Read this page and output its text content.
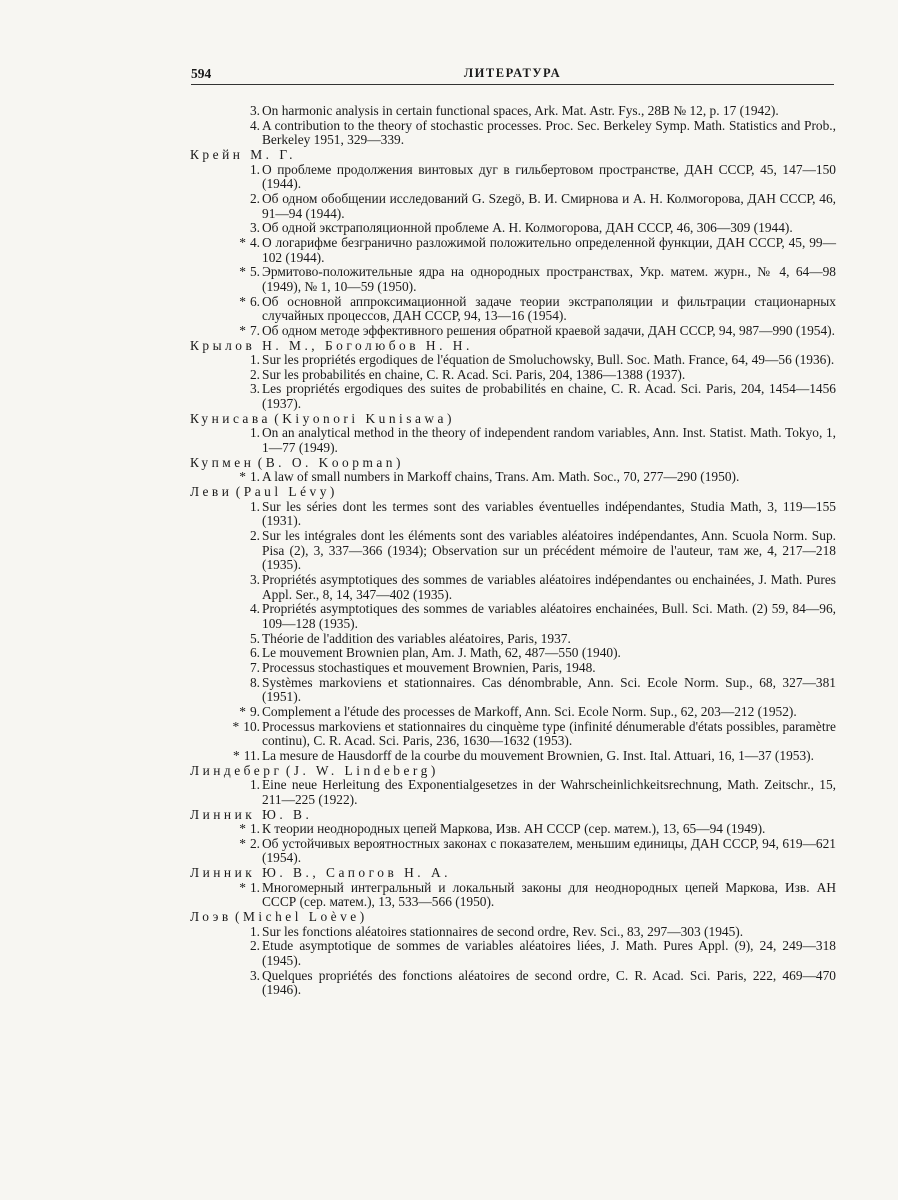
594	ЛИТЕРАТУРА
3. On harmonic analysis in certain functional spaces, Ark. Mat. Astr. Fys., 28B № 12, p. 17 (1942).
4. A contribution to the theory of stochastic processes. Proc. Sec. Berkeley Symp. Math. Statistics and Prob., Berkeley 1951, 329—339.
Крейн М. Г.
1. О проблеме продолжения винтовых дуг в гильбертовом пространстве, ДАН СССР, 45, 147—150 (1944).
2. Об одном обобщении исследований G. Szegö, В. И. Смирнова и А. Н. Колмогорова, ДАН СССР, 46, 91—94 (1944).
3. Об одной экстраполяционной проблеме А. Н. Колмогорова, ДАН СССР, 46, 306—309 (1944).
* 4. О логарифме безгранично разложимой положительно определенной функции, ДАН СССР, 45, 99—102 (1944).
* 5. Эрмитово-положительные ядра на однородных пространствах, Укр. матем. журн., № 4, 64—98 (1949), № 1, 10—59 (1950).
* 6. Об основной аппроксимационной задаче теории экстраполяции и фильтрации стационарных случайных процессов, ДАН СССР, 94, 13—16 (1954).
* 7. Об одном методе эффективного решения обратной краевой задачи, ДАН СССР, 94, 987—990 (1954).
Крылов Н. М., Боголюбов Н. Н.
1. Sur les propriétés ergodiques de l'équation de Smoluchowsky, Bull. Soc. Math. France, 64, 49—56 (1936).
2. Sur les probabilités en chaine, C. R. Acad. Sci. Paris, 204, 1386—1388 (1937).
3. Les propriétés ergodiques des suites de probabilités en chaine, C. R. Acad. Sci. Paris, 204, 1454—1456 (1937).
Куниcава (Kiyonori Kunisawa)
1. On an analytical method in the theory of independent random variables, Ann. Inst. Statist. Math. Tokyo, 1, 1—77 (1949).
Купмен (B. O. Koopman)
* 1. A law of small numbers in Markoff chains, Trans. Am. Math. Soc., 70, 277—290 (1950).
Леви (Paul Lévy)
1. Sur les séries dont les termes sont des variables éventuelles indépendantes, Studia Math, 3, 119—155 (1931).
2. Sur les intégrales dont les éléments sont des variables aléatoires indépendantes, Ann. Scuola Norm. Sup. Pisa (2), 3, 337—366 (1934); Observation sur un précédent mémoire de l'auteur, там же, 4, 217—218 (1935).
3. Propriétés asymptotiques des sommes de variables aléatoires indépendantes ou enchainées, J. Math. Pures Appl. Ser., 8, 14, 347—402 (1935).
4. Propriétés asymptotiques des sommes de variables aléatoires enchainées, Bull. Sci. Math. (2) 59, 84—96, 109—128 (1935).
5. Théorie de l'addition des variables aléatoires, Paris, 1937.
6. Le mouvement Brownien plan, Am. J. Math, 62, 487—550 (1940).
7. Processus stochastiques et mouvement Brownien, Paris, 1948.
8. Systèmes markoviens et stationnaires. Cas dénombrable, Ann. Sci. Ecole Norm. Sup., 68, 327—381 (1951).
* 9. Complement a l'étude des processes de Markoff, Ann. Sci. Ecole Norm. Sup., 62, 203—212 (1952).
* 10. Processus markoviens et stationnaires du cinquème type (infinité dénumerable d'états possibles, paramètre continu), C. R. Acad. Sci. Paris, 236, 1630—1632 (1953).
* 11. La mesure de Hausdorff de la courbe du mouvement Brownien, G. Inst. Ital. Attuari, 16, 1—37 (1953).
Линдеберг (J. W. Lindeberg)
1. Eine neue Herleitung des Exponentialgesetzes in der Wahrscheinlichkeitsrechnung, Math. Zeitschr., 15, 211—225 (1922).
Линник Ю. В.
* 1. К теории неоднородных цепей Маркова, Изв. АН СССР (сер. матем.), 13, 65—94 (1949).
* 2. Об устойчивых вероятностных законах с показателем, меньшим единицы, ДАН СССР, 94, 619—621 (1954).
Линник Ю. В., Сапогов Н. А.
* 1. Многомерный интегральный и локальный законы для неоднородных цепей Маркова, Изв. АН СССР (сер. матем.), 13, 533—566 (1950).
Лоэв (Michel Loève)
1. Sur les fonctions aléatoires stationnaires de second ordre, Rev. Sci., 83, 297—303 (1945).
2. Etude asymptotique de sommes de variables aléatoires liées, J. Math. Pures Appl. (9), 24, 249—318 (1945).
3. Quelques propriétés des fonctions aléatoires de second ordre, C. R. Acad. Sci. Paris, 222, 469—470 (1946).
